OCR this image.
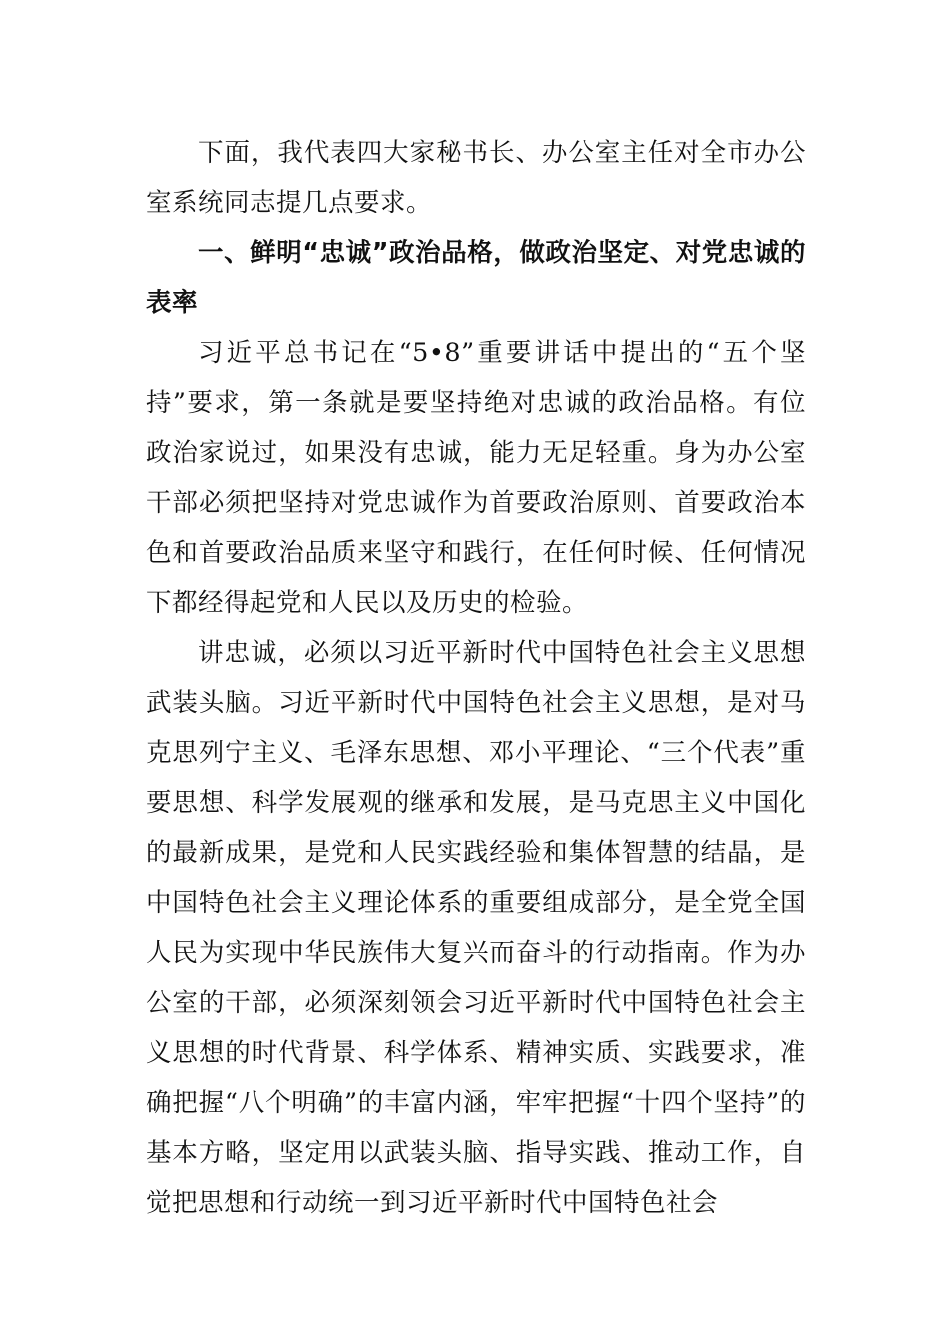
下面，我代表四大家秘书长、办公室主任对全市办公室系统同志提几点要求。

一、鲜明“忠诚”政治品格，做政治坚定、对党忠诚的表率

习近平总书记在“5•8”重要讲话中提出的“五个坚持”要求，第一条就是要坚持绝对忠诚的政治品格。有位政治家说过，如果没有忠诚，能力无足轻重。身为办公室干部必须把坚持对党忠诚作为首要政治原则、首要政治本色和首要政治品质来坚守和践行，在任何时候、任何情况下都经得起党和人民以及历史的检验。

讲忠诚，必须以习近平新时代中国特色社会主义思想武装头脑。习近平新时代中国特色社会主义思想，是对马克思列宁主义、毛泽东思想、邓小平理论、“三个代表”重要思想、科学发展观的继承和发展，是马克思主义中国化的最新成果，是党和人民实践经验和集体智慧的结晶，是中国特色社会主义理论体系的重要组成部分，是全党全国人民为实现中华民族伟大复兴而奋斗的行动指南。作为办公室的干部，必须深刻领会习近平新时代中国特色社会主义思想的时代背景、科学体系、精神实质、实践要求，准确把握“八个明确”的丰富内涵，牢牢把握“十四个坚持”的基本方略，坚定用以武装头脑、指导实践、推动工作，自觉把思想和行动统一到习近平新时代中国特色社会
